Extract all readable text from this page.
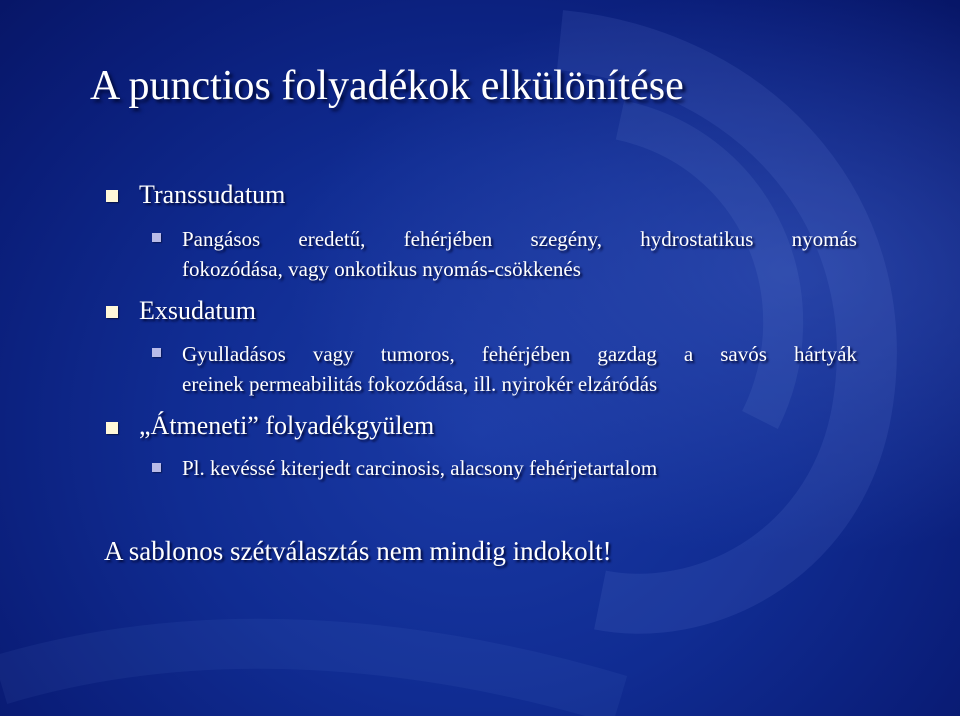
A punctios folyadékok elkülönítése
Transsudatum
Pangásos eredetű, fehérjében szegény, hydrostatikus nyomás
fokozódása, vagy onkotikus nyomás-csökkenés
Exsudatum
Gyulladásos vagy tumoros, fehérjében gazdag a savós hártyák
ereinek permeabilitás fokozódása, ill. nyirokér elzáródás
„Átmeneti” folyadékgyülem
Pl. kevéssé kiterjedt carcinosis, alacsony fehérjetartalom
A sablonos szétválasztás nem mindig indokolt!
